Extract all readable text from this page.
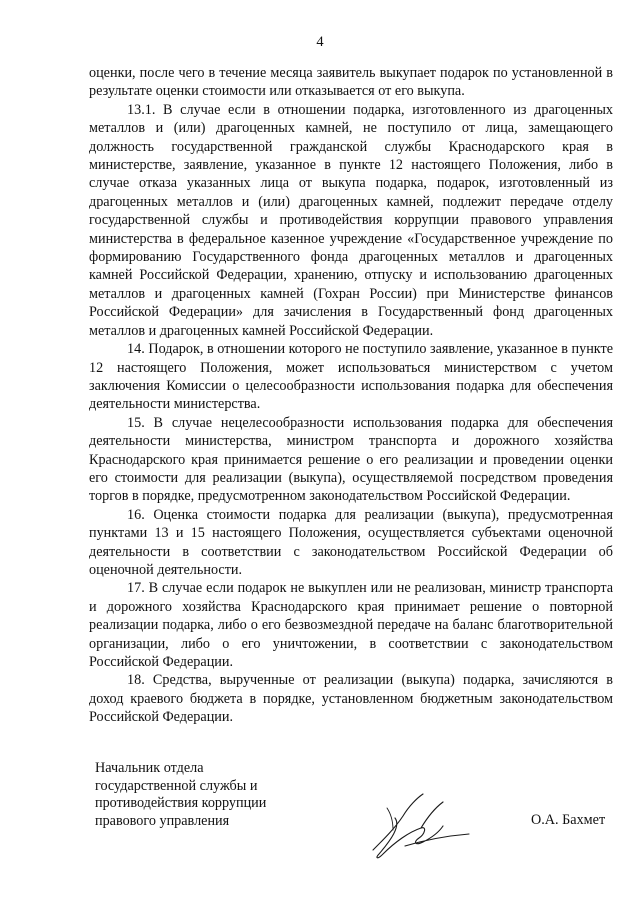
4

оценки, после чего в течение месяца заявитель выкупает подарок по установленной в результате оценки стоимости или отказывается от его выкупа.

13.1. В случае если в отношении подарка, изготовленного из драгоценных металлов и (или) драгоценных камней, не поступило от лица, замещающего должность государственной гражданской службы Краснодарского края в министерстве, заявление, указанное в пункте 12 настоящего Положения, либо в случае отказа указанных лица от выкупа подарка, подарок, изготовленный из драгоценных металлов и (или) драгоценных камней, подлежит передаче отделу государственной службы и противодействия коррупции правового управления министерства в федеральное казенное учреждение «Государственное учреждение по формированию Государственного фонда драгоценных металлов и драгоценных камней Российской Федерации, хранению, отпуску и использованию драгоценных металлов и драгоценных камней (Гохран России) при Министерстве финансов Российской Федерации» для зачисления в Государственный фонд драгоценных металлов и драгоценных камней Российской Федерации.

14. Подарок, в отношении которого не поступило заявление, указанное в пункте 12 настоящего Положения, может использоваться министерством с учетом заключения Комиссии о целесообразности использования подарка для обеспечения деятельности министерства.

15. В случае нецелесообразности использования подарка для обеспечения деятельности министерства, министром транспорта и дорожного хозяйства Краснодарского края принимается решение о его реализации и проведении оценки его стоимости для реализации (выкупа), осуществляемой посредством проведения торгов в порядке, предусмотренном законодательством Российской Федерации.

16. Оценка стоимости подарка для реализации (выкупа), предусмотренная пунктами 13 и 15 настоящего Положения, осуществляется субъектами оценочной деятельности в соответствии с законодательством Российской Федерации об оценочной деятельности.

17. В случае если подарок не выкуплен или не реализован, министр транспорта и дорожного хозяйства Краснодарского края принимает решение о повторной реализации подарка, либо о его безвозмездной передаче на баланс благотворительной организации, либо о его уничтожении, в соответствии с законодательством Российской Федерации.

18. Средства, вырученные от реализации (выкупа) подарка, зачисляются в доход краевого бюджета в порядке, установленном бюджетным законодательством Российской Федерации.

Начальник отдела
государственной службы и
противодействия коррупции
правового управления	О.А. Бахмет
